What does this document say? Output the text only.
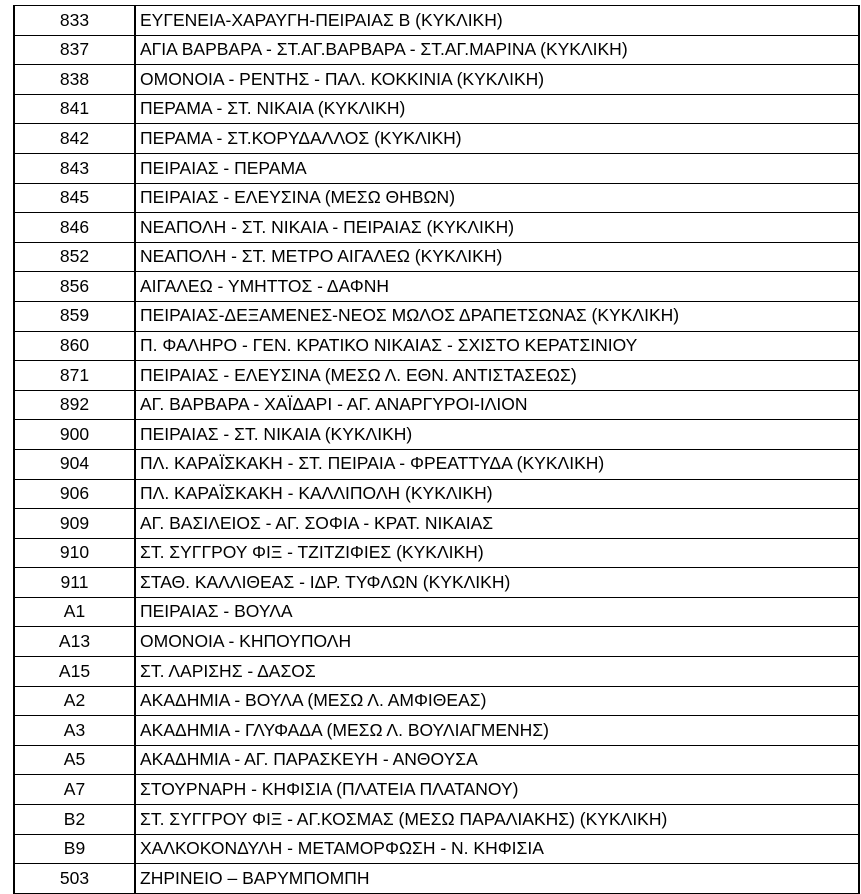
833	ΕΥΓΕΝΕΙΑ-ΧΑΡΑΥΓΗ-ΠΕΙΡΑΙΑΣ Β (ΚΥΚΛΙΚΗ)
837	ΑΓΙΑ ΒΑΡΒΑΡΑ - ΣΤ.ΑΓ.ΒΑΡΒΑΡΑ - ΣΤ.ΑΓ.ΜΑΡΙΝΑ (ΚΥΚΛΙΚΗ)
838	ΟΜΟΝΟΙΑ - ΡΕΝΤΗΣ - ΠΑΛ. ΚΟΚΚΙΝΙΑ (ΚΥΚΛΙΚΗ)
841	ΠΕΡΑΜΑ - ΣΤ. ΝΙΚΑΙΑ (ΚΥΚΛΙΚΗ)
842	ΠΕΡΑΜΑ - ΣΤ.ΚΟΡΥΔΑΛΛΟΣ (ΚΥΚΛΙΚΗ)
843	ΠΕΙΡΑΙΑΣ - ΠΕΡΑΜΑ
845	ΠΕΙΡΑΙΑΣ - ΕΛΕΥΣΙΝΑ (ΜΕΣΩ ΘΗΒΩΝ)
846	ΝΕΑΠΟΛΗ - ΣΤ. ΝΙΚΑΙΑ - ΠΕΙΡΑΙΑΣ (ΚΥΚΛΙΚΗ)
852	ΝΕΑΠΟΛΗ - ΣΤ. ΜΕΤΡΟ ΑΙΓΑΛΕΩ (ΚΥΚΛΙΚΗ)
856	ΑΙΓΑΛΕΩ - ΥΜΗΤΤΟΣ - ΔΑΦΝΗ
859	ΠΕΙΡΑΙΑΣ-ΔΕΞΑΜΕΝΕΣ-ΝΕΟΣ ΜΩΛΟΣ ΔΡΑΠΕΤΣΩΝΑΣ (ΚΥΚΛΙΚΗ)
860	Π. ΦΑΛΗΡΟ - ΓΕΝ. ΚΡΑΤΙΚΟ ΝΙΚΑΙΑΣ - ΣΧΙΣΤΟ ΚΕΡΑΤΣΙΝΙΟΥ
871	ΠΕΙΡΑΙΑΣ - ΕΛΕΥΣΙΝΑ (ΜΕΣΩ Λ. ΕΘΝ. ΑΝΤΙΣΤΑΣΕΩΣ)
892	ΑΓ. ΒΑΡΒΑΡΑ - ΧΑΪΔΑΡΙ - ΑΓ. ΑΝΑΡΓΥΡΟΙ-ΙΛΙΟΝ
900	ΠΕΙΡΑΙΑΣ - ΣΤ. ΝΙΚΑΙΑ (ΚΥΚΛΙΚΗ)
904	ΠΛ. ΚΑΡΑΪΣΚΑΚΗ - ΣΤ. ΠΕΙΡΑΙΑ - ΦΡΕΑΤΤΥΔΑ (ΚΥΚΛΙΚΗ)
906	ΠΛ. ΚΑΡΑΪΣΚΑΚΗ - ΚΑΛΛΙΠΟΛΗ (ΚΥΚΛΙΚΗ)
909	ΑΓ. ΒΑΣΙΛΕΙΟΣ - ΑΓ. ΣΟΦΙΑ - ΚΡΑΤ. ΝΙΚΑΙΑΣ
910	ΣΤ. ΣΥΓΓΡΟΥ ΦΙΞ - ΤΖΙΤΖΙΦΙΕΣ (ΚΥΚΛΙΚΗ)
911	ΣΤΑΘ. ΚΑΛΛΙΘΕΑΣ - ΙΔΡ. ΤΥΦΛΩΝ (ΚΥΚΛΙΚΗ)
Α1	ΠΕΙΡΑΙΑΣ - ΒΟΥΛΑ
Α13	ΟΜΟΝΟΙΑ - ΚΗΠΟΥΠΟΛΗ
Α15	ΣΤ. ΛΑΡΙΣΗΣ - ΔΑΣΟΣ
Α2	ΑΚΑΔΗΜΙΑ - ΒΟΥΛΑ (ΜΕΣΩ Λ. ΑΜΦΙΘΕΑΣ)
Α3	ΑΚΑΔΗΜΙΑ - ΓΛΥΦΑΔΑ (ΜΕΣΩ Λ. ΒΟΥΛΙΑΓΜΕΝΗΣ)
Α5	ΑΚΑΔΗΜΙΑ - ΑΓ. ΠΑΡΑΣΚΕΥΗ - ΑΝΘΟΥΣΑ
Α7	ΣΤΟΥΡΝΑΡΗ - ΚΗΦΙΣΙΑ (ΠΛΑΤΕΙΑ ΠΛΑΤΑΝΟΥ)
Β2	ΣΤ. ΣΥΓΓΡΟΥ ΦΙΞ - ΑΓ.ΚΟΣΜΑΣ (ΜΕΣΩ ΠΑΡΑΛΙΑΚΗΣ) (ΚΥΚΛΙΚΗ)
Β9	ΧΑΛΚΟΚΟΝΔΥΛΗ - ΜΕΤΑΜΟΡΦΩΣΗ - Ν. ΚΗΦΙΣΙΑ
503	ΖΗΡΙΝΕΙΟ – ΒΑΡΥΜΠΟΜΠΗ
